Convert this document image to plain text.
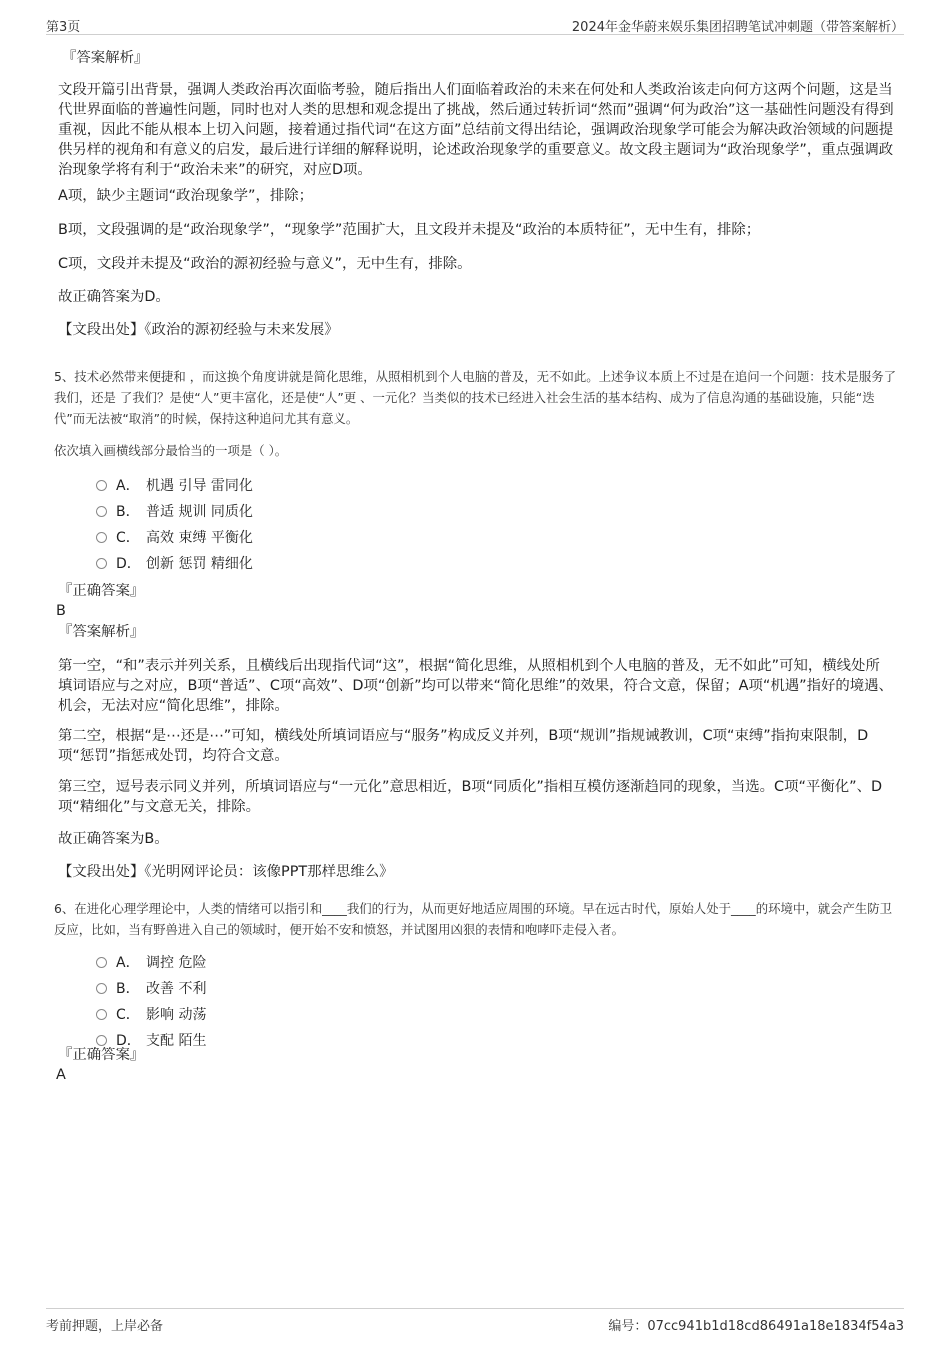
第3页	2024年金华蔚来娱乐集团招聘笔试冲刺题（带答案解析）
『答案解析』
文段开篇引出背景，强调人类政治再次面临考验，随后指出人们面临着政治的未来在何处和人类政治该走向何方这两个问题，这是当代世界面临的普遍性问题，同时也对人类的思想和观念提出了挑战，然后通过转折词“然而”强调“何为政治”这一基础性问题没有得到重视，因此不能从根本上切入问题，接着通过指代词“在这方面”总结前文得出结论，强调政治现象学可能会为解决政治领域的问题提供另样的视角和有意义的启发，最后进行详细的解释说明，论述政治现象学的重要意义。故文段主题词为“政治现象学”，重点强调政治现象学将有利于“政治未来”的研究，对应D项。
A项，缺少主题词“政治现象学”，排除；
B项，文段强调的是“政治现象学”，“现象学”范围扩大，且文段并未提及“政治的本质特征”，无中生有，排除；
C项，文段并未提及“政治的源初经验与意义”，无中生有，排除。
故正确答案为D。
【文段出处】《政治的源初经验与未来发展》
5、技术必然带来便捷和 ，而这换个角度讲就是简化思维，从照相机到个人电脑的普及，无不如此。上述争议本质上不过是在追问一个问题：技术是服务了我们，还是 了我们？是使“人”更丰富化，还是使“人”更 、一元化？当类似的技术已经进入社会生活的基本结构、成为了信息沟通的基础设施，只能“迭代”而无法被“取消”的时候，保持这种追问尤其有意义。
依次填入画横线部分最恰当的一项是（ ）。
A． 机遇 引导 雷同化
B． 普适 规训 同质化
C． 高效 束缚 平衡化
D． 创新 惩罚 精细化
『正确答案』
B
『答案解析』
第一空，“和”表示并列关系，且横线后出现指代词“这”，根据“简化思维，从照相机到个人电脑的普及，无不如此”可知，横线处所填词语应与之对应，B项“普适”、C项“高效”、D项“创新”均可以带来“简化思维”的效果，符合文意，保留；A项“机遇”指好的境遇、机会，无法对应“简化思维”，排除。
第二空，根据“是⋯还是⋯”可知，横线处所填词语应与“服务”构成反义并列，B项“规训”指规诫教训，C项“束缚”指拘束限制，D项“惩罚”指惩戒处罚，均符合文意。
第三空，逗号表示同义并列，所填词语应与“一元化”意思相近，B项“同质化”指相互模仿逐渐趋同的现象，当选。C项“平衡化”、D项“精细化”与文意无关，排除。
故正确答案为B。
【文段出处】《光明网评论员：该像PPT那样思维么》
6、在进化心理学理论中，人类的情绪可以指引和____我们的行为，从而更好地适应周围的环境。早在远古时代，原始人处于____的环境中，就会产生防卫反应，比如，当有野兽进入自己的领域时，便开始不安和愤怒，并试图用凶狠的表情和咆哮吓走侵入者。
A． 调控 危险
B． 改善 不利
C． 影响 动荡
D． 支配 陌生
『正确答案』
A
考前押题，上岸必备	编号：07cc941b1d18cd86491a18e1834f54a3
